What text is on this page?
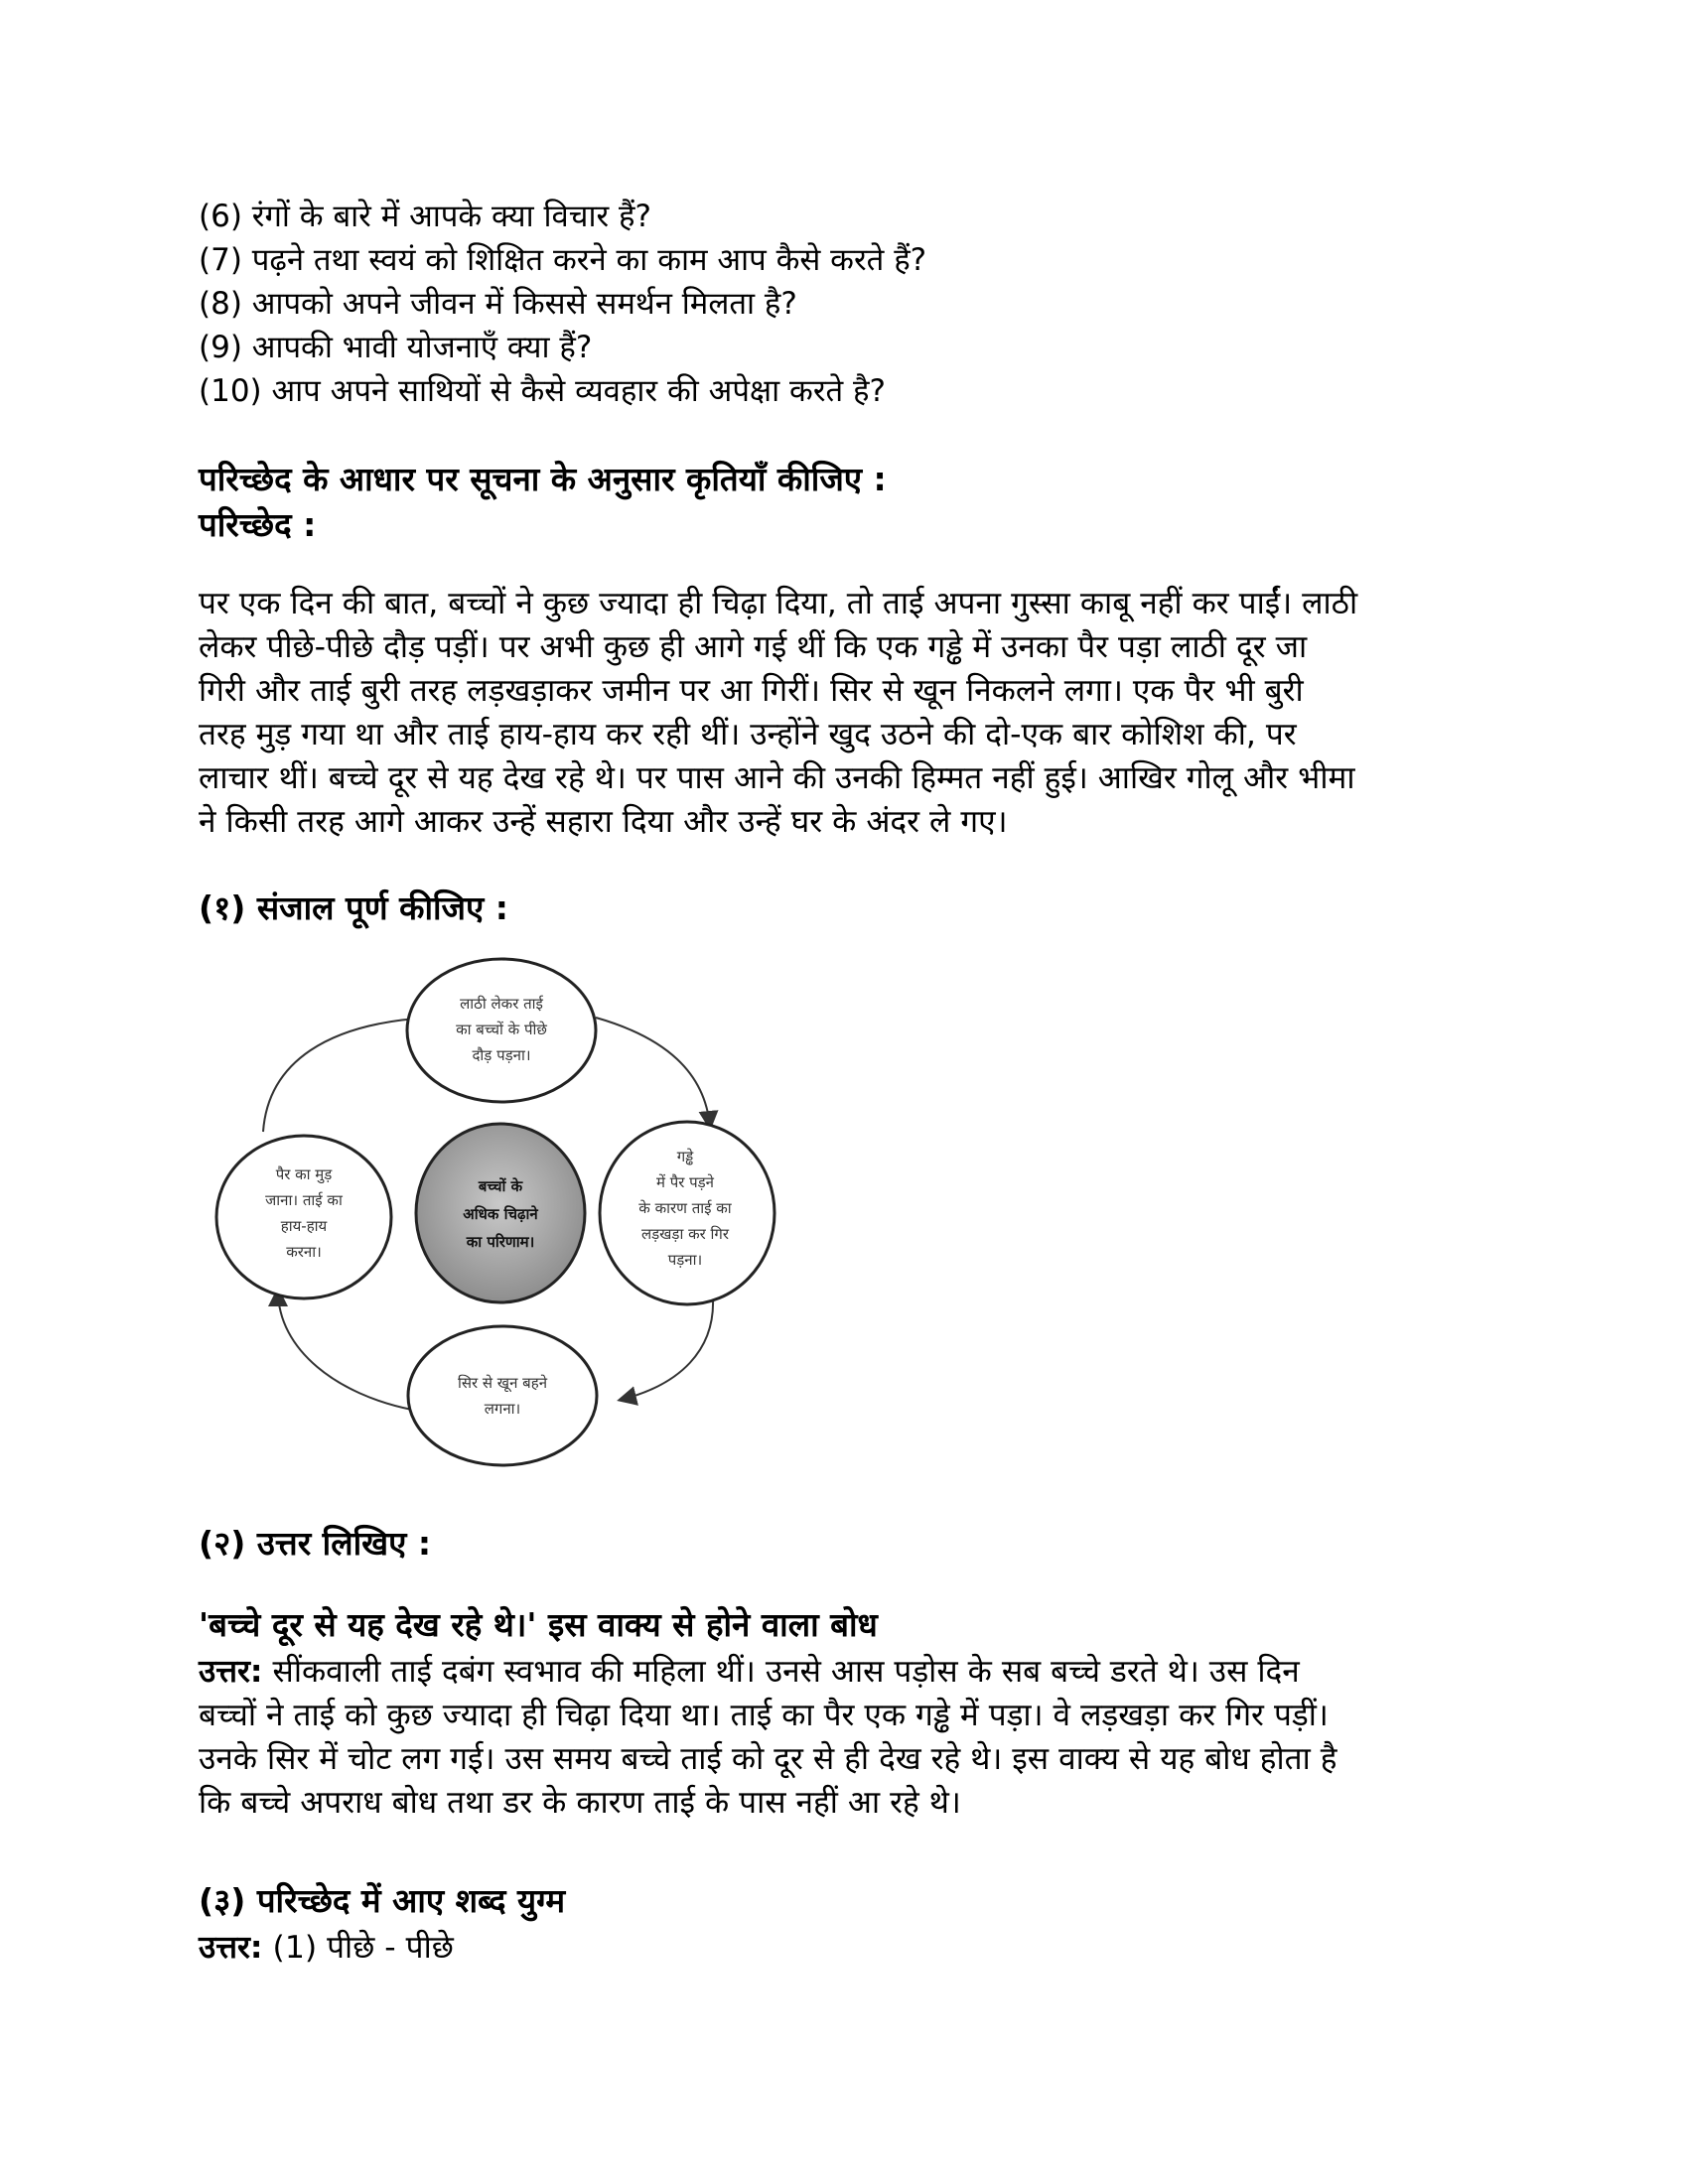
(6) रंगों के बारे में आपके क्या विचार हैं?
(7) पढ़ने तथा स्वयं को शिक्षित करने का काम आप कैसे करते हैं?
(8) आपको अपने जीवन में किससे समर्थन मिलता है?
(9) आपकी भावी योजनाएँ क्या हैं?
(10) आप अपने साथियों से कैसे व्यवहार की अपेक्षा करते है?
परिच्छेद के आधार पर सूचना के अनुसार कृतियाँ कीजिए :
परिच्छेद :
पर एक दिन की बात, बच्चों ने कुछ ज्यादा ही चिढ़ा दिया, तो ताई अपना गुस्सा काबू नहीं कर पाईं। लाठी
लेकर पीछे-पीछे दौड़ पड़ीं। पर अभी कुछ ही आगे गई थीं कि एक गड्ढे में उनका पैर पड़ा लाठी दूर जा
गिरी और ताई बुरी तरह लड़खड़ाकर जमीन पर आ गिरीं। सिर से खून निकलने लगा। एक पैर भी बुरी
तरह मुड़ गया था और ताई हाय-हाय कर रही थीं। उन्होंने खुद उठने की दो-एक बार कोशिश की, पर
लाचार थीं। बच्चे दूर से यह देख रहे थे। पर पास आने की उनकी हिम्मत नहीं हुई। आखिर गोलू और भीमा
ने किसी तरह आगे आकर उन्हें सहारा दिया और उन्हें घर के अंदर ले गए।
(१) संजाल पूर्ण कीजिए :
लाठी लेकर ताई
का बच्चों के पीछे
दौड़ पड़ना।
गड्ढे
में पैर पड़ने
के कारण ताई का
लड़खड़ा कर गिर
पड़ना।
सिर से खून बहने
लगना।
पैर का मुड़
जाना। ताई का
हाय-हाय
करना।
बच्चों के
अधिक चिढ़ाने
का परिणाम।
(२) उत्तर लिखिए :
'बच्चे दूर से यह देख रहे थे।' इस वाक्य से होने वाला बोध
उत्तर: सींकवाली ताई दबंग स्वभाव की महिला थीं। उनसे आस पड़ोस के सब बच्चे डरते थे। उस दिन
बच्चों ने ताई को कुछ ज्यादा ही चिढ़ा दिया था। ताई का पैर एक गड्ढे में पड़ा। वे लड़खड़ा कर गिर पड़ीं।
उनके सिर में चोट लग गई। उस समय बच्चे ताई को दूर से ही देख रहे थे। इस वाक्य से यह बोध होता है
कि बच्चे अपराध बोध तथा डर के कारण ताई के पास नहीं आ रहे थे।
(३) परिच्छेद में आए शब्द युग्म
उत्तर: (1) पीछे - पीछे
